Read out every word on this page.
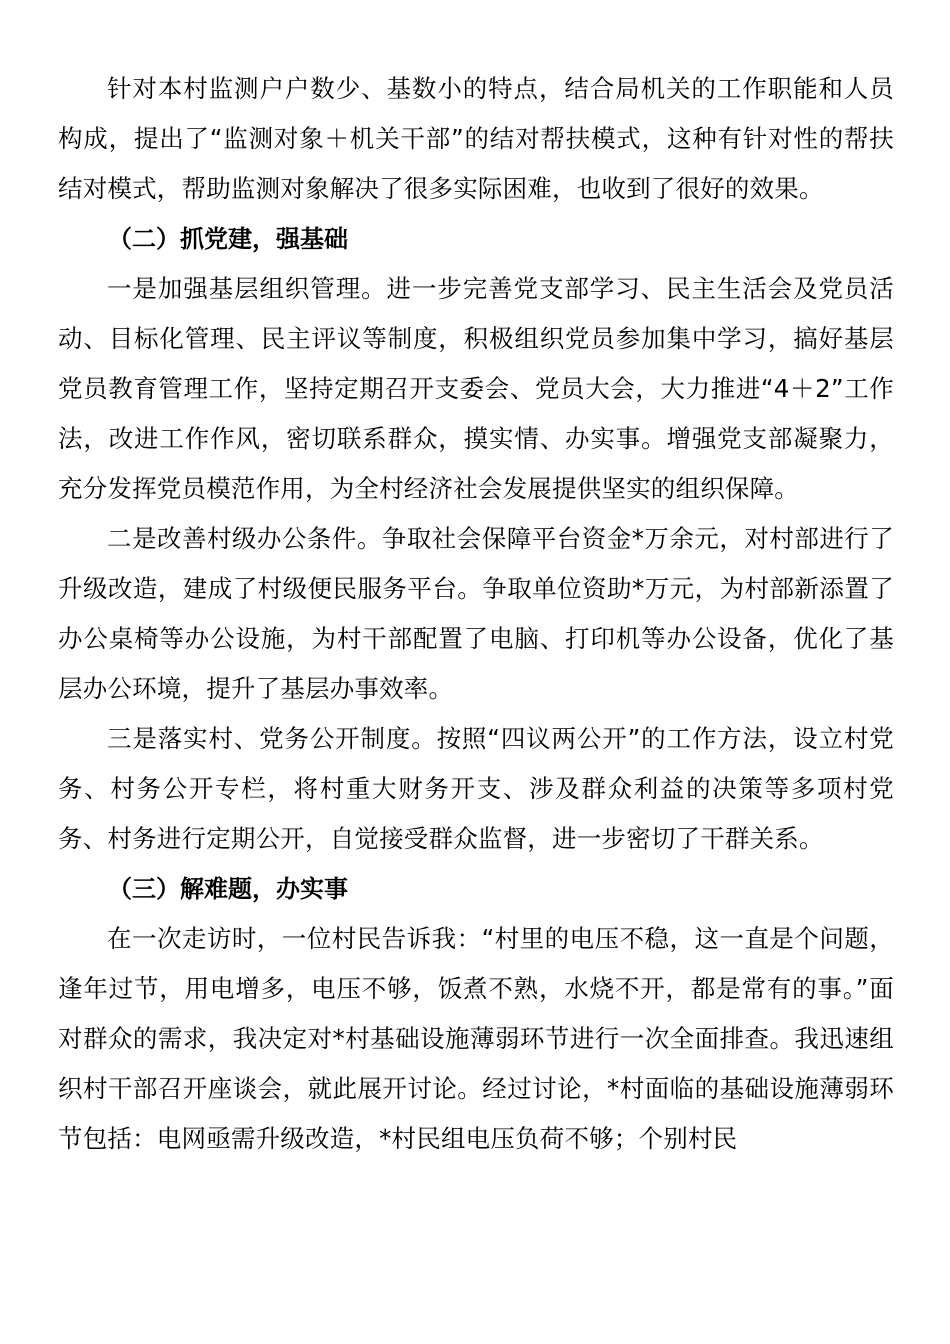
针对本村监测户户数少、基数小的特点，结合局机关的工作职能和人员构成，提出了“监测对象＋机关干部”的结对帮扶模式，这种有针对性的帮扶结对模式，帮助监测对象解决了很多实际困难，也收到了很好的效果。

（二）抓党建，强基础

一是加强基层组织管理。进一步完善党支部学习、民主生活会及党员活动、目标化管理、民主评议等制度，积极组织党员参加集中学习，搞好基层党员教育管理工作，坚持定期召开支委会、党员大会，大力推进“4＋2”工作法，改进工作作风，密切联系群众，摸实情、办实事。增强党支部凝聚力，充分发挥党员模范作用，为全村经济社会发展提供坚实的组织保障。

二是改善村级办公条件。争取社会保障平台资金*万余元，对村部进行了升级改造，建成了村级便民服务平台。争取单位资助*万元，为村部新添置了办公桌椅等办公设施，为村干部配置了电脑、打印机等办公设备，优化了基层办公环境，提升了基层办事效率。

三是落实村、党务公开制度。按照“四议两公开”的工作方法，设立村党务、村务公开专栏，将村重大财务开支、涉及群众利益的决策等多项村党务、村务进行定期公开，自觉接受群众监督，进一步密切了干群关系。

（三）解难题，办实事

在一次走访时，一位村民告诉我：“村里的电压不稳，这一直是个问题，逢年过节，用电增多，电压不够，饭煮不熟，水烧不开，都是常有的事。”面对群众的需求，我决定对*村基础设施薄弱环节进行一次全面排查。我迅速组织村干部召开座谈会，就此展开讨论。经过讨论，*村面临的基础设施薄弱环节包括：电网亟需升级改造，*村民组电压负荷不够；个别村民
